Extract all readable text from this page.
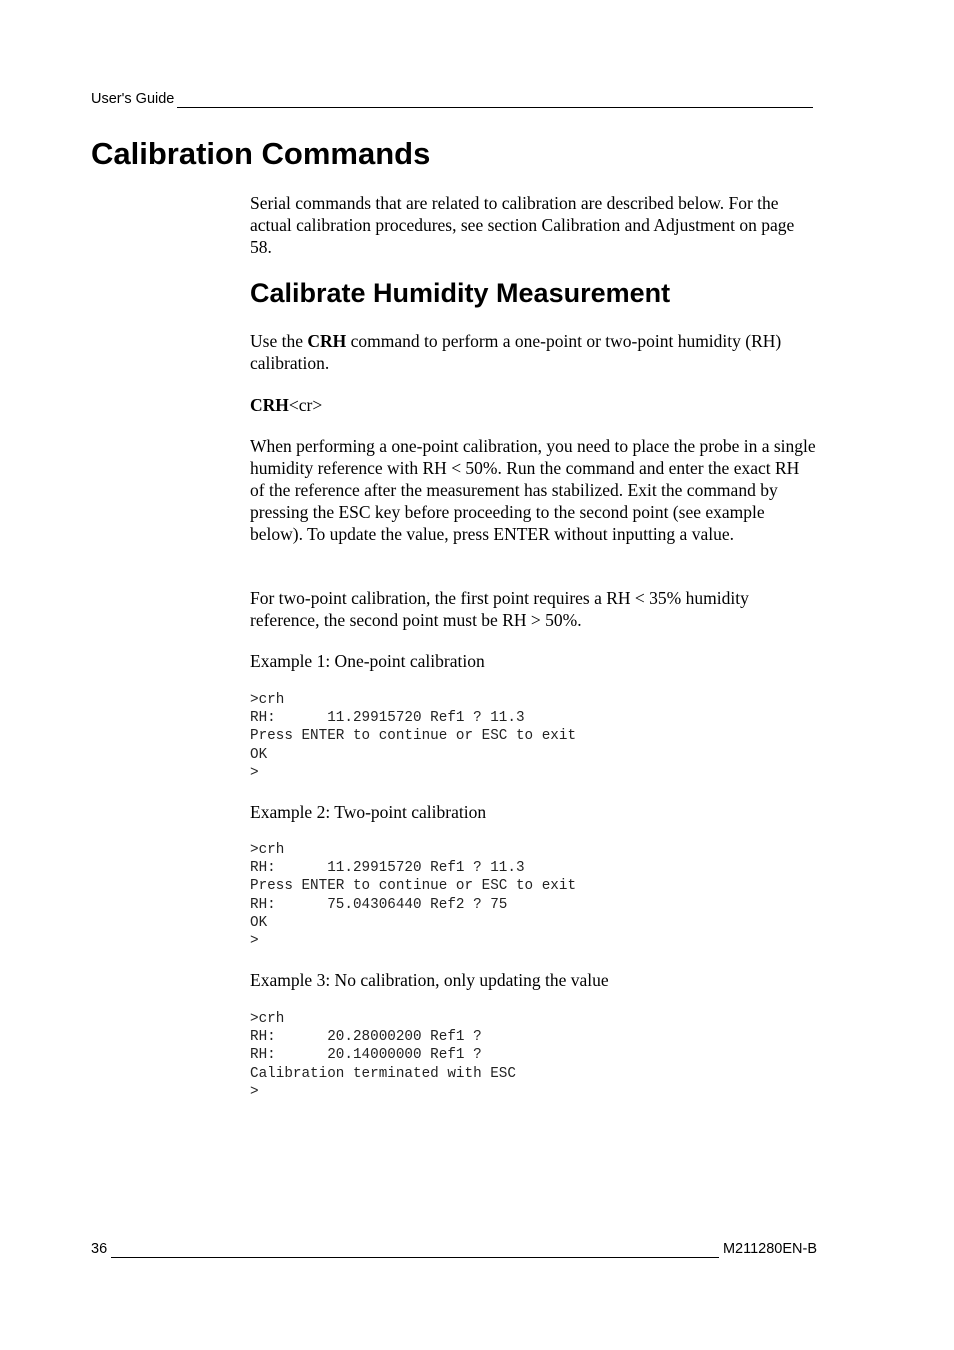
User's Guide
Calibration Commands

Serial commands that are related to calibration are described below. For the actual calibration procedures, see section Calibration and Adjustment on page 58.

Calibrate Humidity Measurement

Use the CRH command to perform a one-point or two-point humidity (RH) calibration.

CRH<cr>

When performing a one-point calibration, you need to place the probe in a single humidity reference with RH < 50%. Run the command and enter the exact RH of the reference after the measurement has stabilized. Exit the command by pressing the ESC key before proceeding to the second point (see example below). To update the value, press ENTER without inputting a value.

For two-point calibration, the first point requires a RH < 35% humidity reference, the second point must be RH > 50%.

Example 1: One-point calibration

>crh
RH:      11.29915720 Ref1 ? 11.3
Press ENTER to continue or ESC to exit
OK
>

Example 2: Two-point calibration

>crh
RH:      11.29915720 Ref1 ? 11.3
Press ENTER to continue or ESC to exit
RH:      75.04306440 Ref2 ? 75
OK
>

Example 3: No calibration, only updating the value

>crh
RH:      20.28000200 Ref1 ?
RH:      20.14000000 Ref1 ?
Calibration terminated with ESC
>
36	M211280EN-B
